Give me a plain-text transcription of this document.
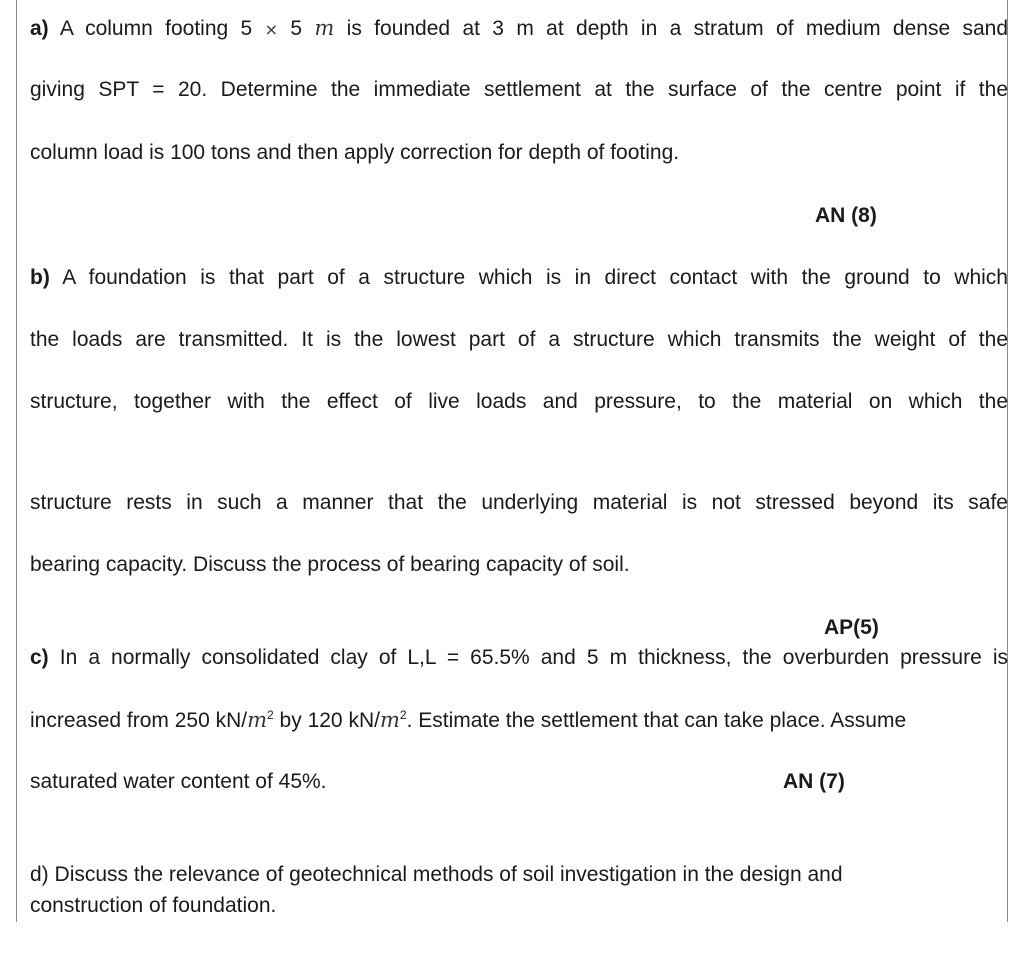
a) A column footing 5 × 5 m is founded at 3 m at depth in a stratum of medium dense sand
giving SPT = 20. Determine the immediate settlement at the surface of the centre point if the
column load is 100 tons and then apply correction for depth of footing.
AN (8)
b) A foundation is that part of a structure which is in direct contact with the ground to which
the loads are transmitted. It is the lowest part of a structure which transmits the weight of the
structure, together with the effect of live loads and pressure, to the material on which the
structure rests in such a manner that the underlying material is not stressed beyond its safe
bearing capacity. Discuss the process of bearing capacity of soil.
AP(5)
c) In a normally consolidated clay of L,L = 65.5% and 5 m thickness, the overburden pressure is
increased from 250 $kN/m^2$ by 120 $kN/m^2$. Estimate the settlement that can take place. Assume
saturated water content of 45%.	AN (7)
d) Discuss the relevance of geotechnical methods of soil investigation in the design and
construction of foundation.
